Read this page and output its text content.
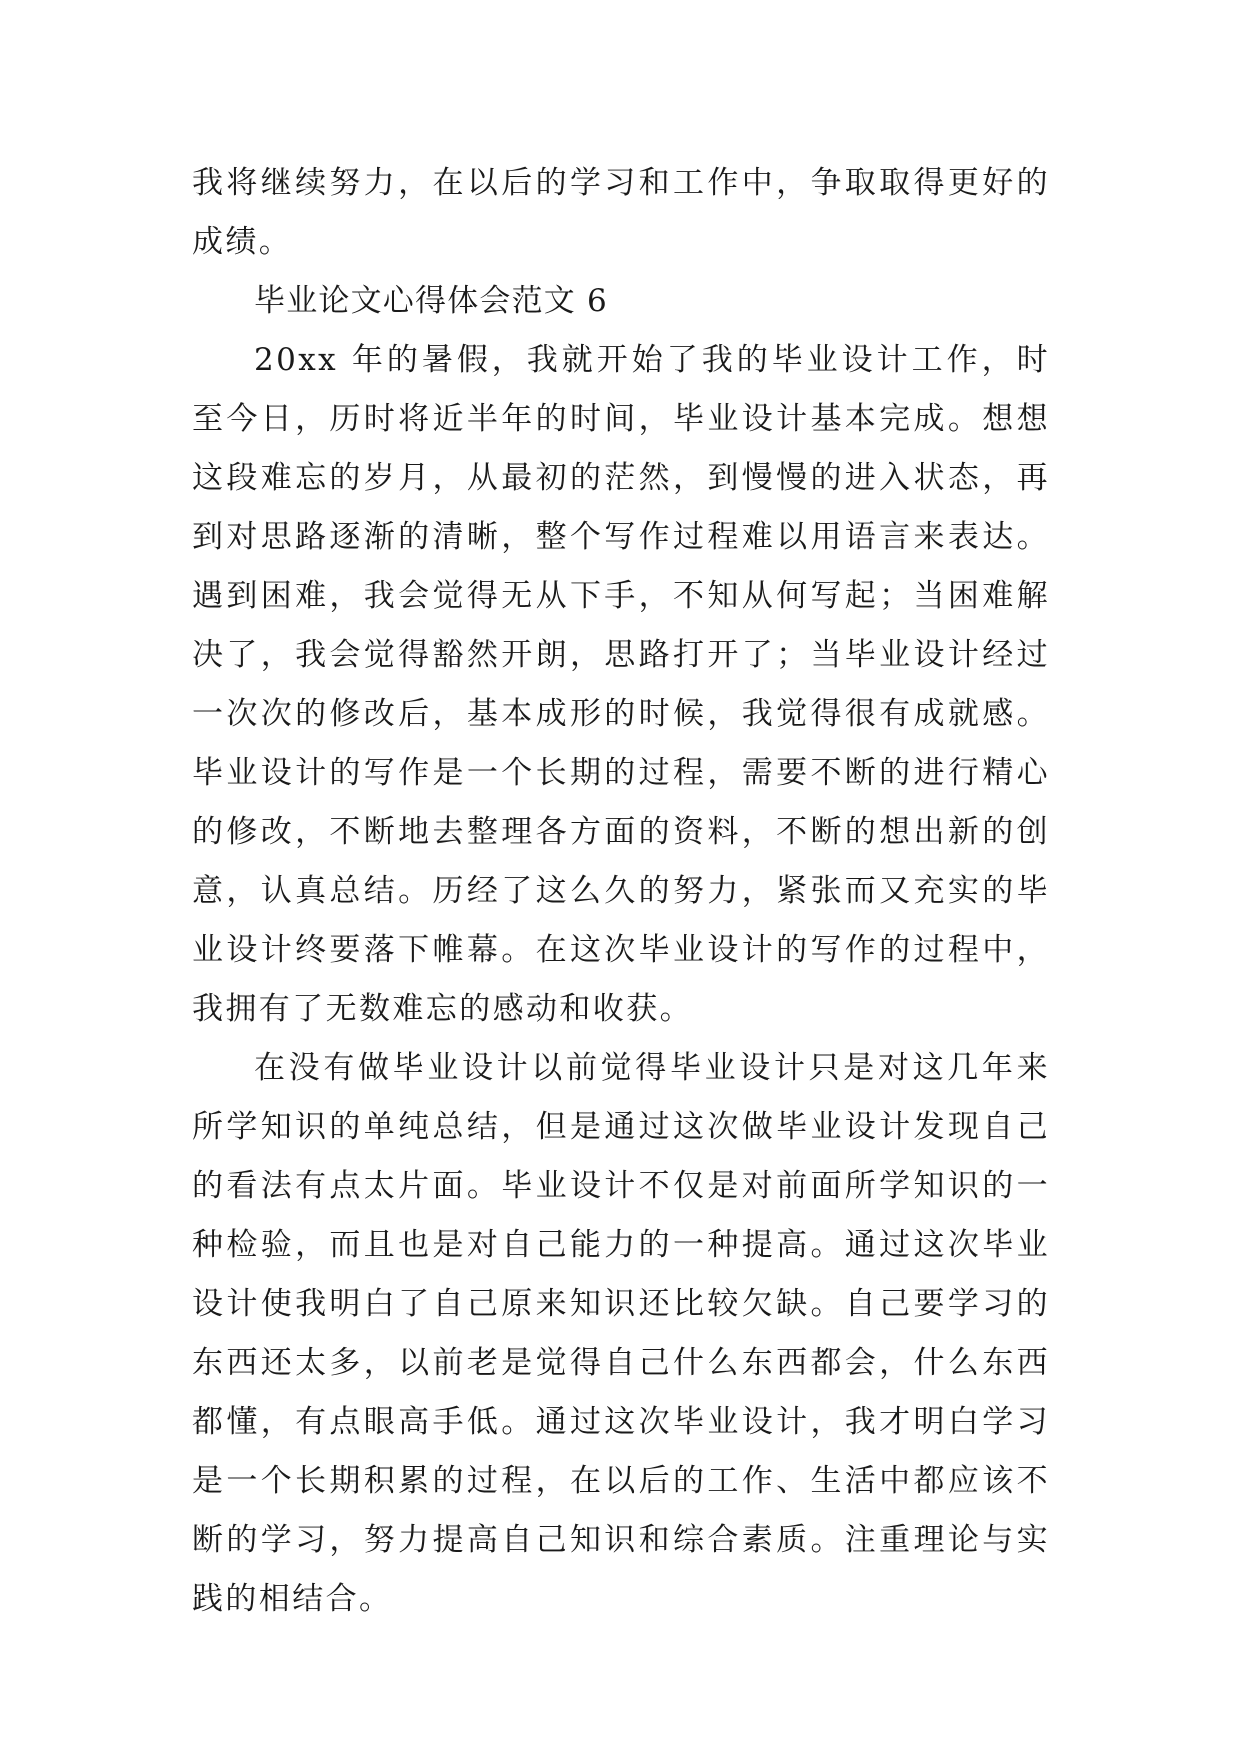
我将继续努力，在以后的学习和工作中，争取取得更好的成绩。

毕业论文心得体会范文 6

20xx 年的暑假，我就开始了我的毕业设计工作，时至今日，历时将近半年的时间，毕业设计基本完成。想想这段难忘的岁月，从最初的茫然，到慢慢的进入状态，再到对思路逐渐的清晰，整个写作过程难以用语言来表达。遇到困难，我会觉得无从下手，不知从何写起；当困难解决了，我会觉得豁然开朗，思路打开了；当毕业设计经过一次次的修改后，基本成形的时候，我觉得很有成就感。毕业设计的写作是一个长期的过程，需要不断的进行精心的修改，不断地去整理各方面的资料，不断的想出新的创意，认真总结。历经了这么久的努力，紧张而又充实的毕业设计终要落下帷幕。在这次毕业设计的写作的过程中，我拥有了无数难忘的感动和收获。

在没有做毕业设计以前觉得毕业设计只是对这几年来所学知识的单纯总结，但是通过这次做毕业设计发现自己的看法有点太片面。毕业设计不仅是对前面所学知识的一种检验，而且也是对自己能力的一种提高。通过这次毕业设计使我明白了自己原来知识还比较欠缺。自己要学习的东西还太多，以前老是觉得自己什么东西都会，什么东西都懂，有点眼高手低。通过这次毕业设计，我才明白学习是一个长期积累的过程，在以后的工作、生活中都应该不断的学习，努力提高自己知识和综合素质。注重理论与实践的相结合。
